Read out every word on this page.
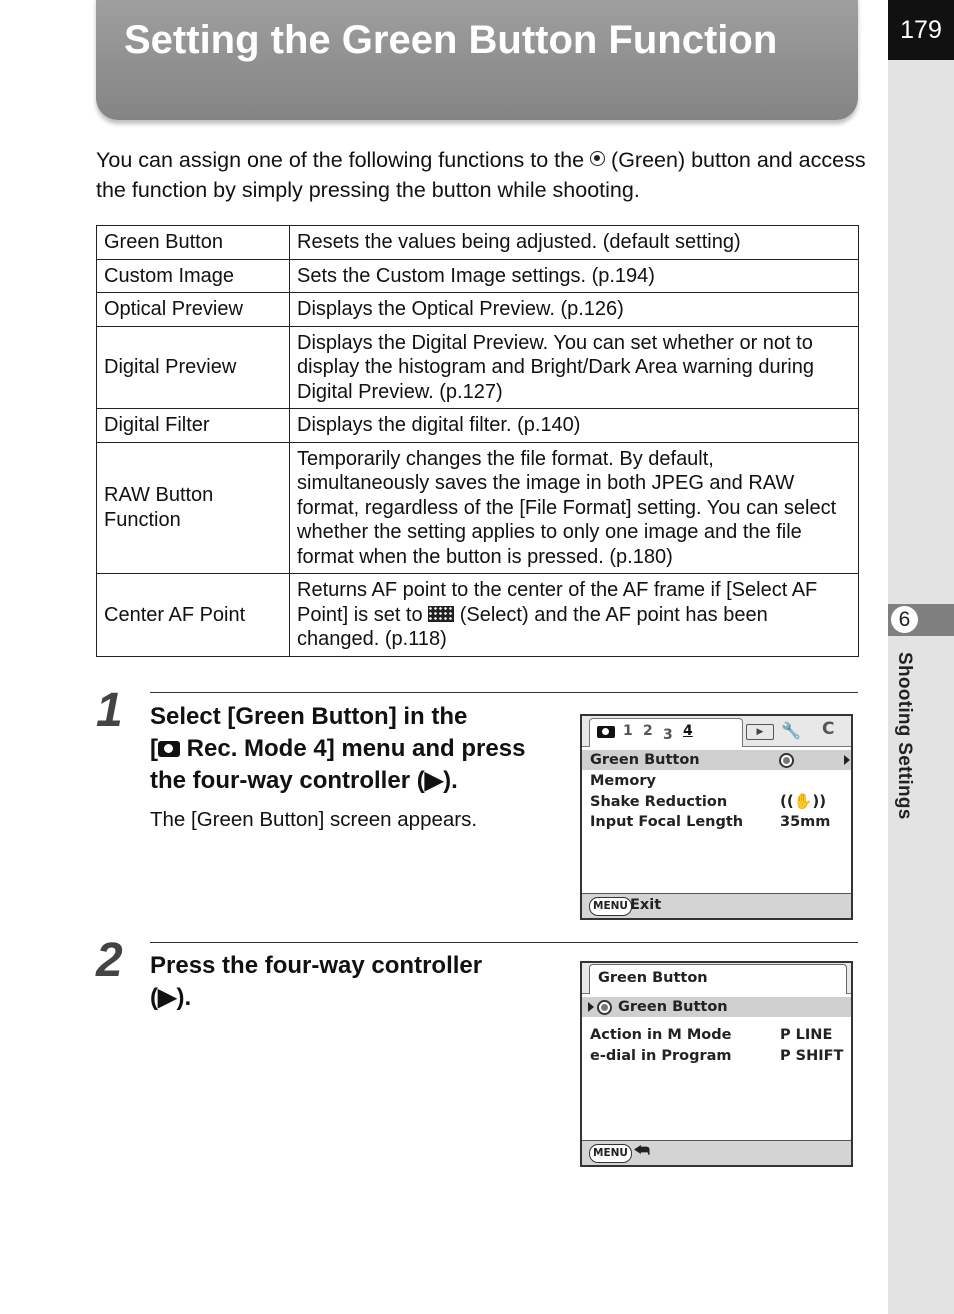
179
6
Shooting Settings
Setting the Green Button Function

You can assign one of the following functions to the  (Green) button and access the function by simply pressing the button while shooting.

Green Button	Resets the values being adjusted. (default setting)
Custom Image	Sets the Custom Image settings. (p.194)
Optical Preview	Displays the Optical Preview. (p.126)
Digital Preview	Displays the Digital Preview. You can set whether or not to display the histogram and Bright/Dark Area warning during Digital Preview. (p.127)
Digital Filter	Displays the digital filter. (p.140)
RAW Button Function	Temporarily changes the file format. By default, simultaneously saves the image in both JPEG and RAW format, regardless of the [File Format] setting. You can select whether the setting applies to only one image and the file format when the button is pressed. (p.180)
Center AF Point	Returns AF point to the center of the AF frame if [Select AF Point] is set to  (Select) and the AF point has been changed. (p.118)
1 Select [Green Button] in the
[ Rec. Mode 4] menu and press
the four-way controller (▶).

The [Green Button] screen appears.

1 2 3 4	▶	🔧 C
Green Button
Memory
Shake Reduction	((✋))
Input Focal Length	35mm
MENU Exit
2 Press the four-way controller
(▶).

Green Button
Green Button
Action in M Mode	P LINE
e-dial in Program	P SHIFT
MENU ⮪
